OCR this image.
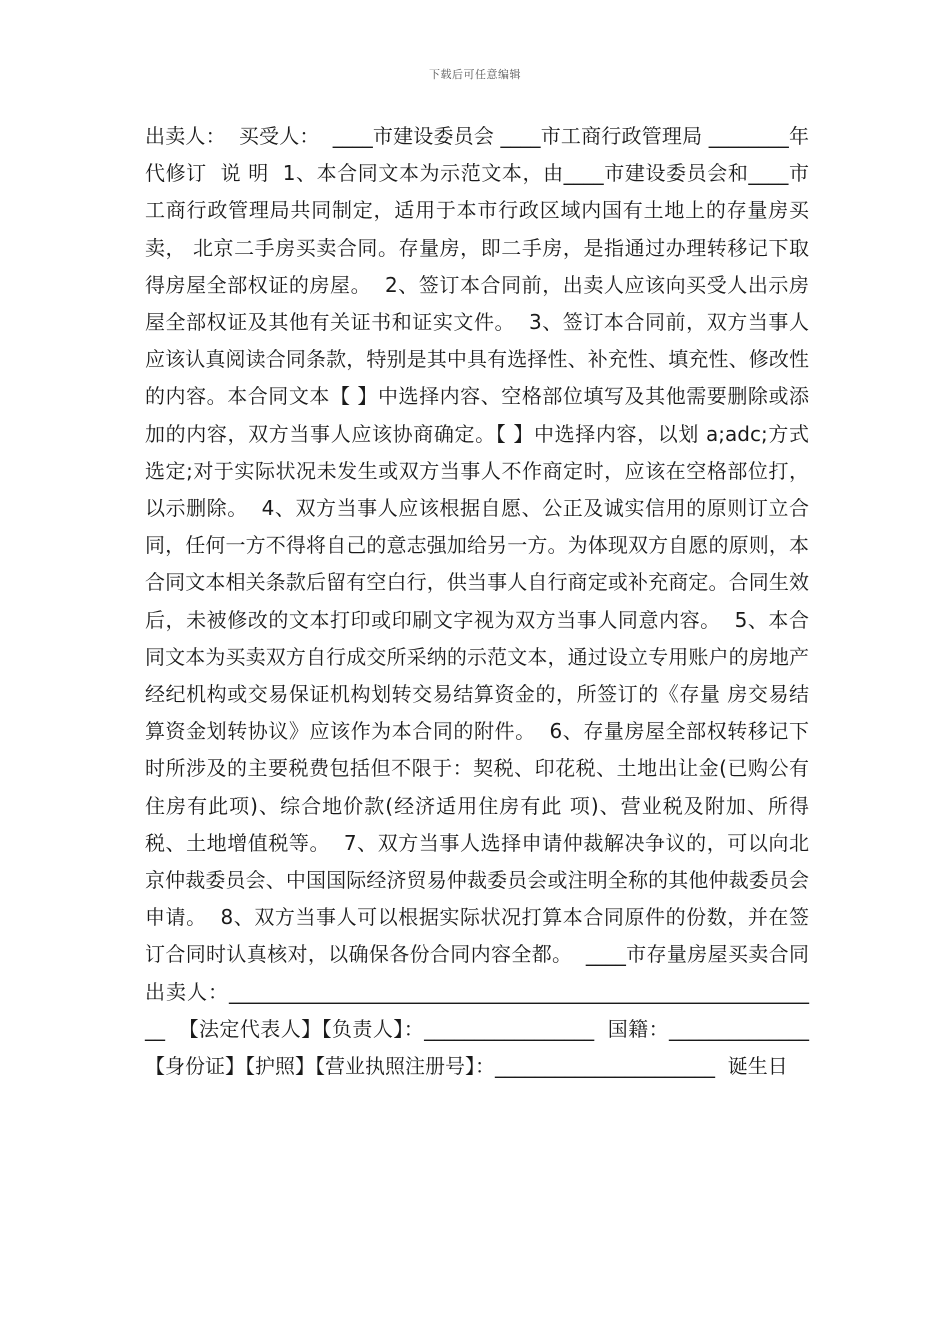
下载后可任意编辑
出卖人：  买受人：  ____市建设委员会 ____市工商行政管理局 ________年代修订  说 明  1、本合同文本为示范文本，由____市建设委员会和____市工商行政管理局共同制定，适用于本市行政区域内国有土地上的存量房买卖， 北京二手房买卖合同。存量房，即二手房，是指通过办理转移记下取得房屋全部权证的房屋。  2、签订本合同前，出卖人应该向买受人出示房屋全部权证及其他有关证书和证实文件。  3、签订本合同前，双方当事人应该认真阅读合同条款，特别是其中具有选择性、补充性、填充性、修改性的内容。本合同文本【 】中选择内容、空格部位填写及其他需要删除或添加的内容，双方当事人应该协商确定。【 】中选择内容，以划 a;adc;方式选定;对于实际状况未发生或双方当事人不作商定时，应该在空格部位打，以示删除。  4、双方当事人应该根据自愿、公正及诚实信用的原则订立合同，任何一方不得将自己的意志强加给另一方。为体现双方自愿的原则，本合同文本相关条款后留有空白行，供当事人自行商定或补充商定。合同生效后，未被修改的文本打印或印刷文字视为双方当事人同意内容。  5、本合同文本为买卖双方自行成交所采纳的示范文本，通过设立专用账户的房地产经纪机构或交易保证机构划转交易结算资金的，所签订的《存量 房交易结算资金划转协议》应该作为本合同的附件。  6、存量房屋全部权转移记下时所涉及的主要税费包括但不限于：契税、印花税、土地出让金(已购公有住房有此项)、综合地价款(经济适用住房有此 项)、营业税及附加、所得税、土地增值税等。  7、双方当事人选择申请仲裁解决争议的，可以向北京仲裁委员会、中国国际经济贸易仲裁委员会或注明全称的其他仲裁委员会申请。  8、双方当事人可以根据实际状况打算本合同原件的份数，并在签订合同时认真核对，以确保各份合同内容全都。  ____市存量房屋买卖合同  出卖人：____________________________________________________________  【法定代表人】【负责人】：_________________  国籍：______________   【身份证】【护照】【营业执照注册号】：______________________  诞生日
